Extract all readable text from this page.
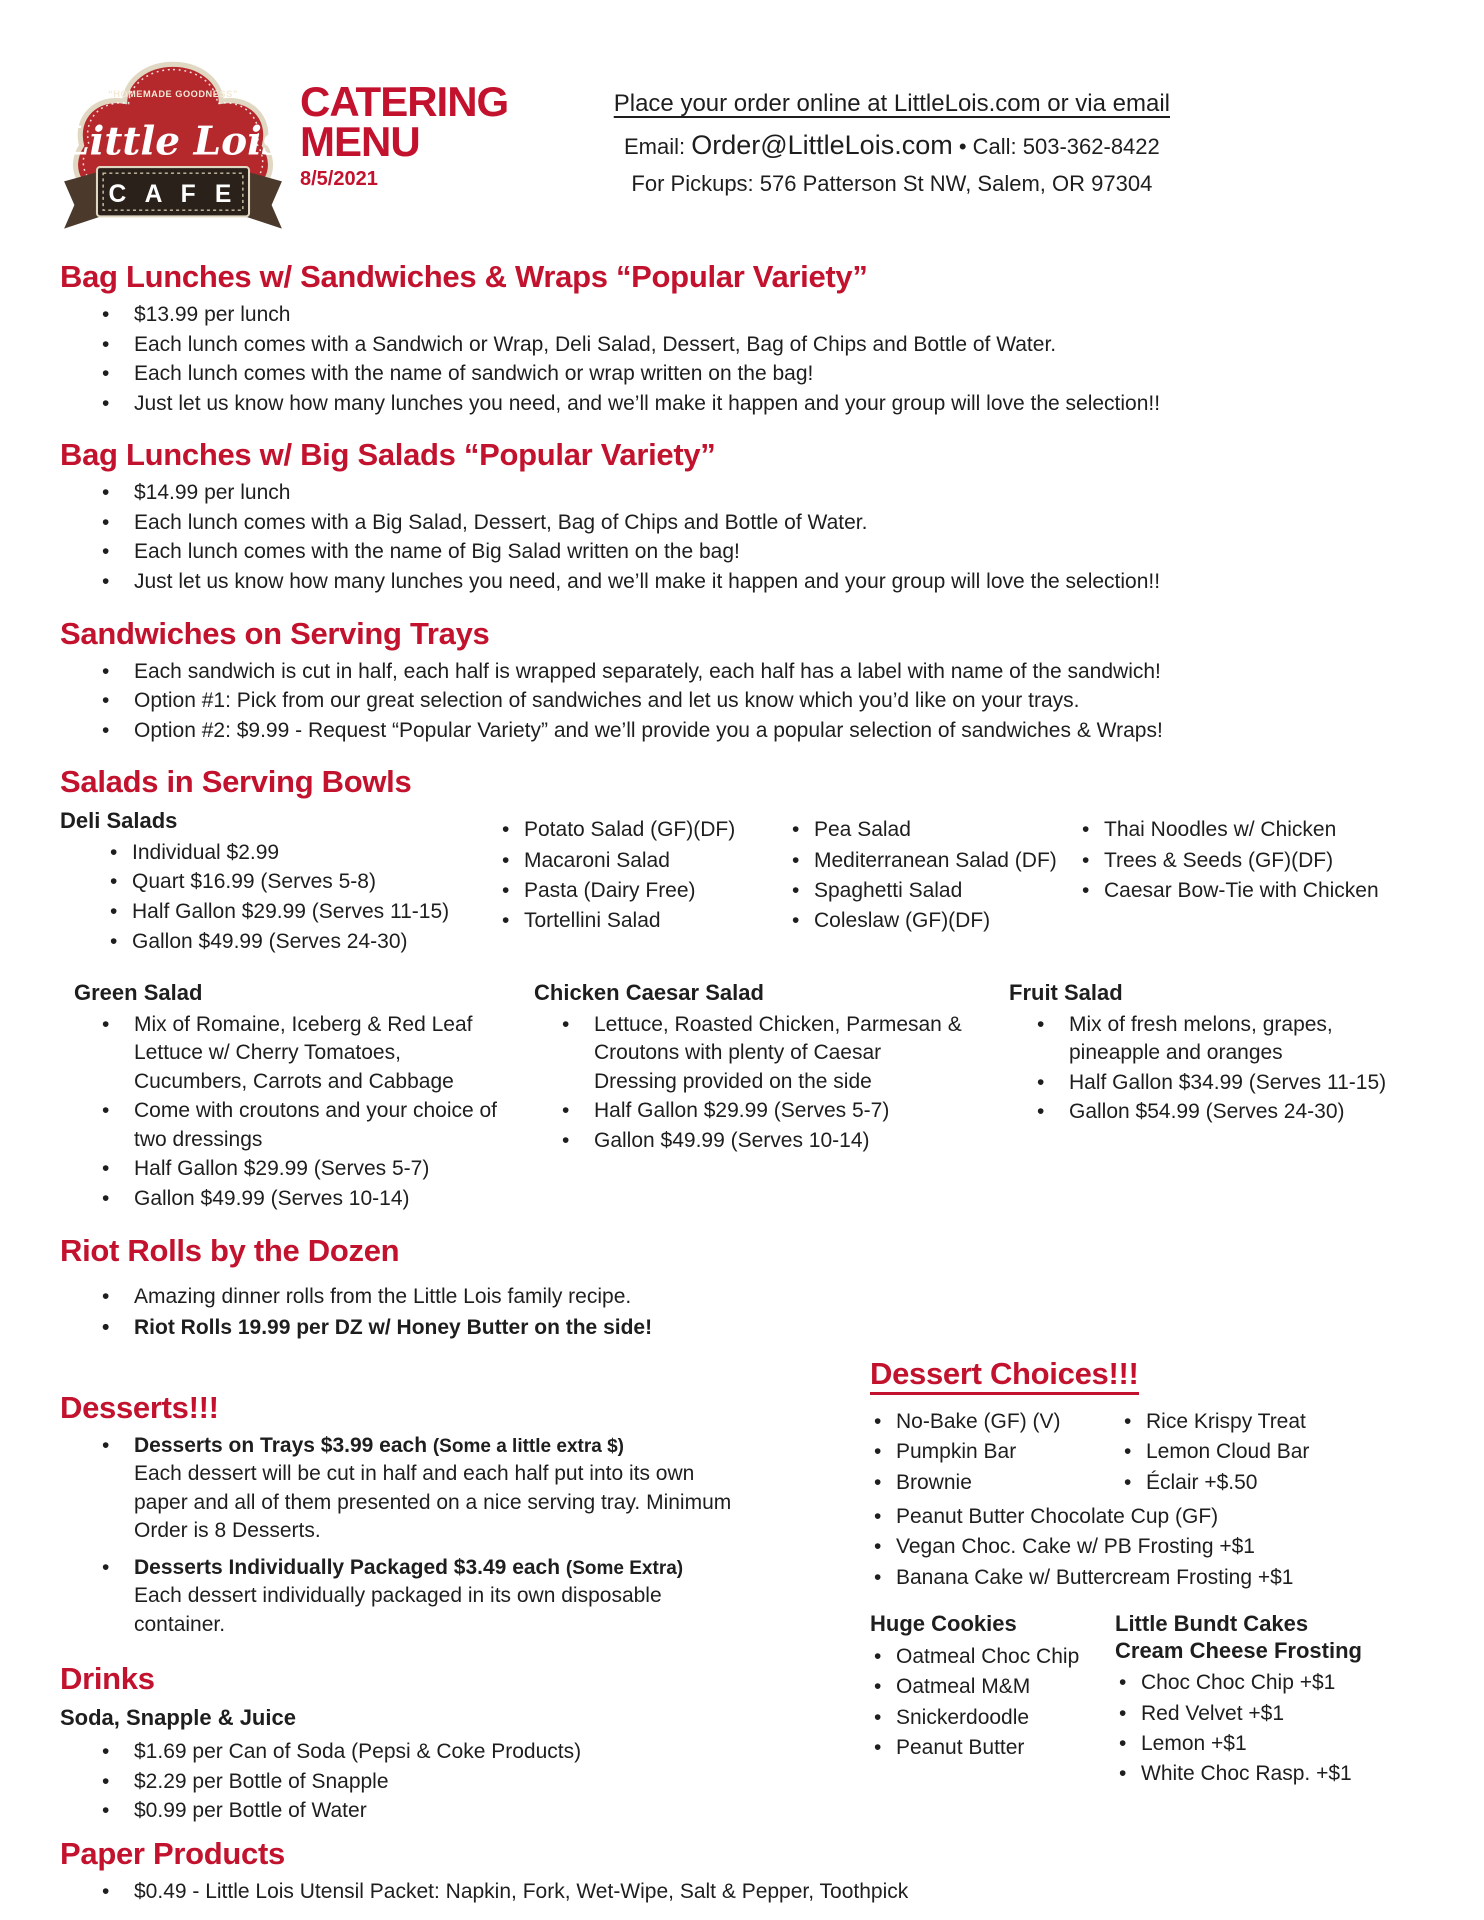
“HOMEMADE GOODNESS”
Little Lois
C A F E
CATERING
MENU
8/5/2021
Place your order online at LittleLois.com or via email
Email: Order@LittleLois.com • Call: 503-362-8422
For Pickups: 576 Patterson St NW, Salem, OR 97304
Bag Lunches w/ Sandwiches & Wraps “Popular Variety”
• $13.99 per lunch
• Each lunch comes with a Sandwich or Wrap, Deli Salad, Dessert, Bag of Chips and Bottle of Water.
• Each lunch comes with the name of sandwich or wrap written on the bag!
• Just let us know how many lunches you need, and we’ll make it happen and your group will love the selection!!
Bag Lunches w/ Big Salads “Popular Variety”
• $14.99 per lunch
• Each lunch comes with a Big Salad, Dessert, Bag of Chips and Bottle of Water.
• Each lunch comes with the name of Big Salad written on the bag!
• Just let us know how many lunches you need, and we’ll make it happen and your group will love the selection!!
Sandwiches on Serving Trays
• Each sandwich is cut in half, each half is wrapped separately, each half has a label with name of the sandwich!
• Option #1: Pick from our great selection of sandwiches and let us know which you’d like on your trays.
• Option #2: $9.99 - Request “Popular Variety” and we’ll provide you a popular selection of sandwiches & Wraps!
Salads in Serving Bowls
Deli Salads
• Individual $2.99
• Quart $16.99 (Serves 5-8)
• Half Gallon $29.99 (Serves 11-15)
• Gallon $49.99 (Serves 24-30)
• Potato Salad (GF)(DF)
• Macaroni Salad
• Pasta (Dairy Free)
• Tortellini Salad
• Pea Salad
• Mediterranean Salad (DF)
• Spaghetti Salad
• Coleslaw (GF)(DF)
• Thai Noodles w/ Chicken
• Trees & Seeds (GF)(DF)
• Caesar Bow-Tie with Chicken
Green Salad
• Mix of Romaine, Iceberg & Red Leaf Lettuce w/ Cherry Tomatoes, Cucumbers, Carrots and Cabbage
• Come with croutons and your choice of two dressings
• Half Gallon $29.99 (Serves 5-7)
• Gallon $49.99 (Serves 10-14)
Chicken Caesar Salad
• Lettuce, Roasted Chicken, Parmesan & Croutons with plenty of Caesar Dressing provided on the side
• Half Gallon $29.99 (Serves 5-7)
• Gallon $49.99 (Serves 10-14)
Fruit Salad
• Mix of fresh melons, grapes, pineapple and oranges
• Half Gallon $34.99 (Serves 11-15)
• Gallon $54.99 (Serves 24-30)
Riot Rolls by the Dozen
• Amazing dinner rolls from the Little Lois family recipe.
• Riot Rolls 19.99 per DZ w/ Honey Butter on the side!
Desserts!!!
• Desserts on Trays $3.99 each (Some a little extra $)
Each dessert will be cut in half and each half put into its own paper and all of them presented on a nice serving tray. Minimum Order is 8 Desserts.
• Desserts Individually Packaged $3.49 each (Some Extra)
Each dessert individually packaged in its own disposable container.
Drinks
Soda, Snapple & Juice
• $1.69 per Can of Soda (Pepsi & Coke Products)
• $2.29 per Bottle of Snapple
• $0.99 per Bottle of Water
Dessert Choices!!!
• No-Bake (GF) (V)
• Pumpkin Bar
• Brownie
• Rice Krispy Treat
• Lemon Cloud Bar
• Éclair +$.50
• Peanut Butter Chocolate Cup (GF)
• Vegan Choc. Cake w/ PB Frosting +$1
• Banana Cake w/ Buttercream Frosting +$1
Huge Cookies
• Oatmeal Choc Chip
• Oatmeal M&M
• Snickerdoodle
• Peanut Butter
Little Bundt Cakes
Cream Cheese Frosting
• Choc Choc Chip +$1
• Red Velvet +$1
• Lemon +$1
• White Choc Rasp. +$1
Paper Products
• $0.49 - Little Lois Utensil Packet: Napkin, Fork, Wet-Wipe, Salt & Pepper, Toothpick
